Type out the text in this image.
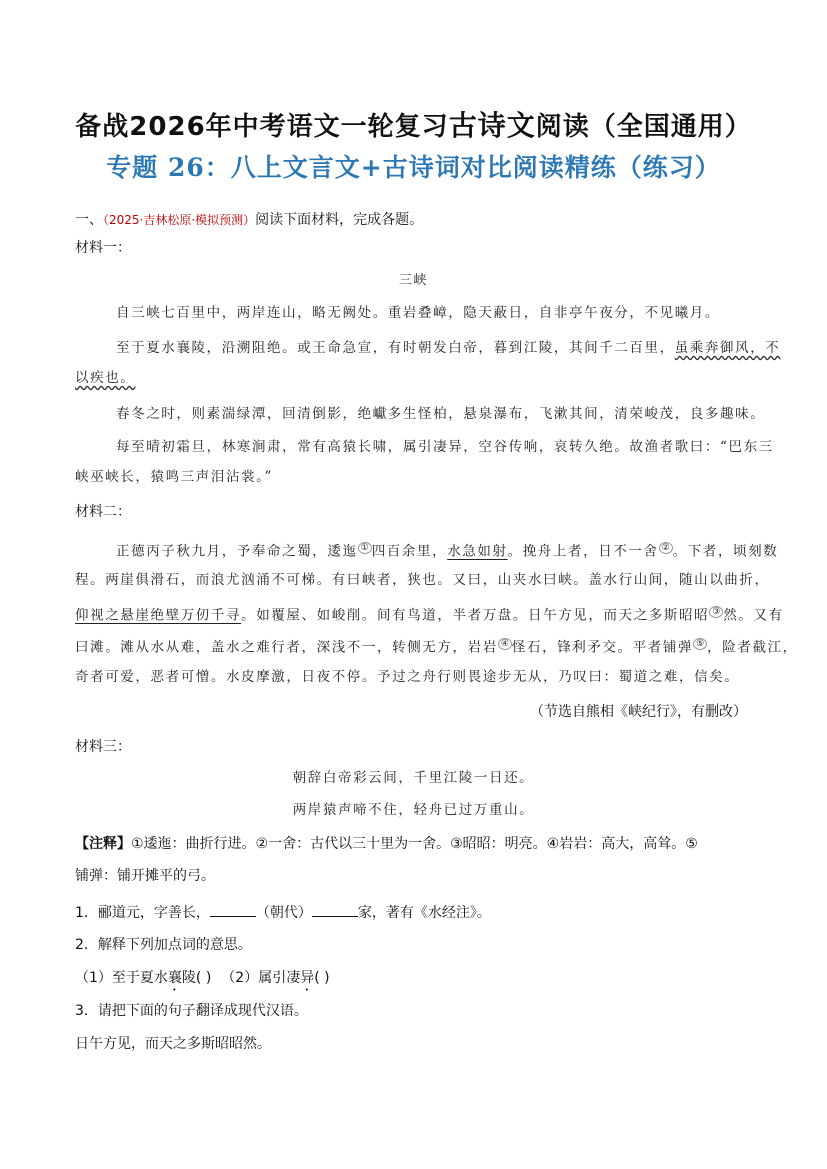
备战2026年中考语文一轮复习古诗文阅读（全国通用）
专题 26：八上文言文+古诗词对比阅读精练（练习）
一、（2025·吉林松原·模拟预测）阅读下面材料，完成各题。
材料一：
三峡
自三峡七百里中，两岸连山，略无阙处。重岩叠嶂，隐天蔽日，自非亭午夜分，不见曦月。
至于夏水襄陵，沿溯阻绝。或王命急宣，有时朝发白帝，暮到江陵，其间千二百里，虽乘奔御风，不
以疾也。
春冬之时，则素湍绿潭，回清倒影，绝巘多生怪柏，悬泉瀑布，飞漱其间，清荣峻茂，良多趣味。
每至晴初霜旦，林寒涧肃，常有高猿长啸，属引凄异，空谷传响，哀转久绝。故渔者歌曰：“巴东三
峡巫峡长，猿鸣三声泪沾裳。”
材料二：
正德丙子秋九月，予奉命之蜀，逶迤 ① 四百余里，水急如射。挽舟上者，日不一舍 ② 。下者，顷刻数
程。两崖俱滑石，而浪尤汹涌不可梯。有曰峡者，狭也。又曰，山夹水曰峡。盖水行山间，随山以曲折，
仰视之悬崖绝壁万仞千寻。如覆屋、如峻削。间有鸟道，半者万盘。日午方见，而天之多斯昭昭 ③ 然。又有
曰滩。滩从水从难，盖水之难行者，深浅不一，转侧无方，岩岩 ④ 怪石，锋利矛交。平者铺弹 ⑤ ，险者截江，
奇者可爱，恶者可憎。水皮摩激，日夜不停。予过之舟行则畏途步无从，乃叹曰：蜀道之难，信矣。
（节选自熊相《峡纪行》，有删改）
材料三：
朝辞白帝彩云间，千里江陵一日还。
两岸猿声啼不住，轻舟已过万重山。
【注释】①逶迤：曲折行进。②一舍：古代以三十里为一舍。③昭昭：明亮。④岩岩：高大，高耸。⑤
铺弹：铺开摊平的弓。
1．郦道元，字善长，	（朝代）	家，著有《水经注》。
2．解释下列加点词的意思。
（1）至于夏水襄陵( ) （2）属引凄异( )
3．请把下面的句子翻译成现代汉语。
日午方见，而天之多斯昭昭然。
